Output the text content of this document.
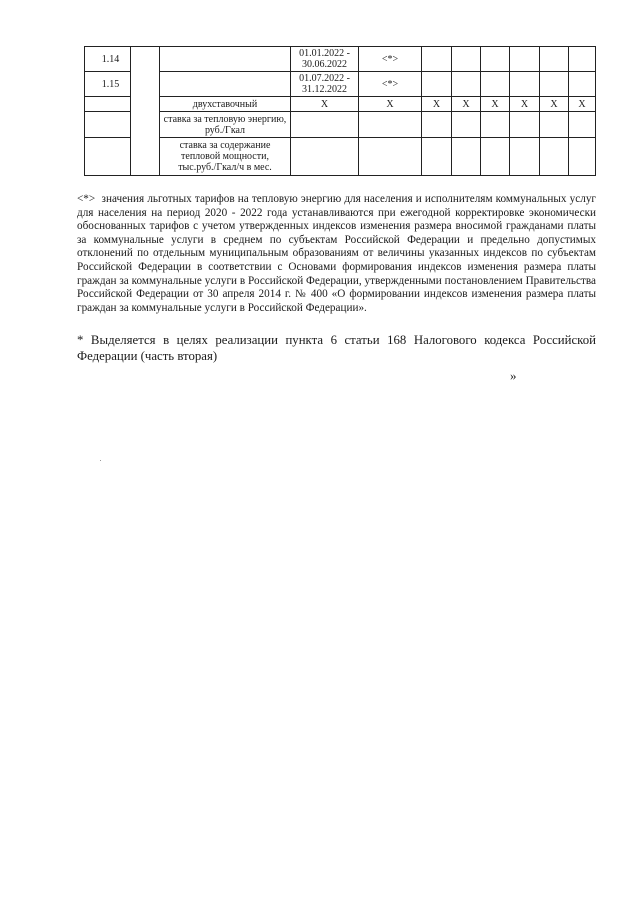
1.14			01.01.2022 - 30.06.2022	<*>						
1.15			01.07.2022 - 31.12.2022	<*>						
		двухставочный	Х	Х	Х	Х	Х	Х	Х	Х
		ставка за тепловую энергию, руб./Гкал								
		ставка за содержание тепловой мощности, тыс.руб./Гкал/ч в мес.								

<*> значения льготных тарифов на тепловую энергию для населения и исполнителям коммунальных услуг для населения на период 2020 - 2022 года устанавливаются при ежегодной корректировке экономически обоснованных тарифов с учетом утвержденных индексов изменения размера вносимой гражданами платы за коммунальные услуги в среднем по субъектам Российской Федерации и предельно допустимых отклонений по отдельным муниципальным образованиям от величины указанных индексов по субъектам Российской Федерации в соответствии с Основами формирования индексов изменения размера платы граждан за коммунальные услуги в Российской Федерации, утвержденными постановлением Правительства Российской Федерации от 30 апреля 2014 г. № 400 «О формировании индексов изменения размера платы граждан за коммунальные услуги в Российской Федерации».

* Выделяется в целях реализации пункта 6 статьи 168 Налогового кодекса Российской Федерации (часть вторая)

»
